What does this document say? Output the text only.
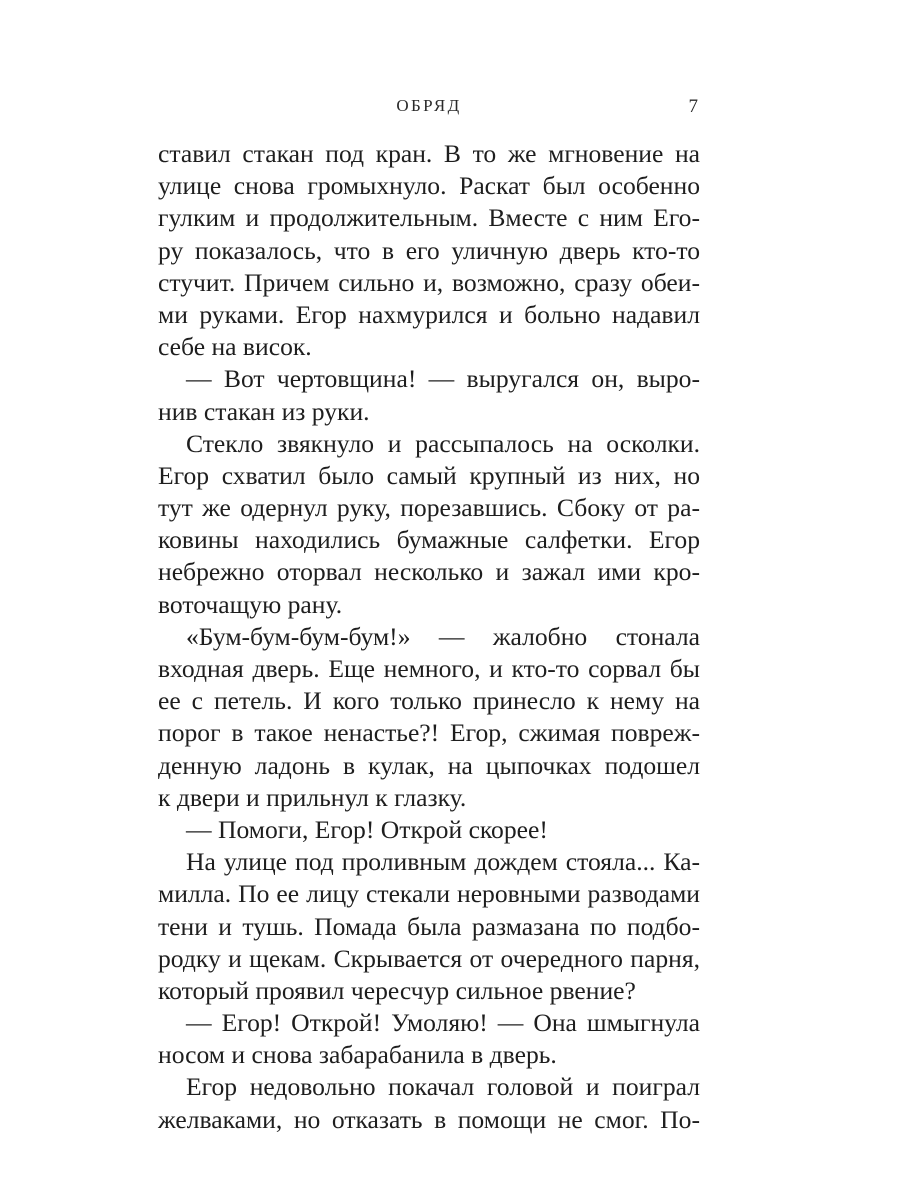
ОБРЯД	7
ставил стакан под кран. В то же мгновение на
улице снова громыхнуло. Раскат был особенно
гулким и продолжительным. Вместе с ним Его-
ру показалось, что в его уличную дверь кто-то
стучит. Причем сильно и, возможно, сразу обеи-
ми руками. Егор нахмурился и больно надавил
себе на висок.
— Вот чертовщина! — выругался он, выро-
нив стакан из руки.
Стекло звякнуло и рассыпалось на осколки.
Егор схватил было самый крупный из них, но
тут же одернул руку, порезавшись. Сбоку от ра-
ковины находились бумажные салфетки. Егор
небрежно оторвал несколько и зажал ими кро-
воточащую рану.
«Бум-бум-бум-бум!» — жалобно стонала
входная дверь. Еще немного, и кто-то сорвал бы
ее с петель. И кого только принесло к нему на
порог в такое ненастье?! Егор, сжимая повреж-
денную ладонь в кулак, на цыпочках подошел
к двери и прильнул к глазку.
— Помоги, Егор! Открой скорее!
На улице под проливным дождем стояла... Ка-
милла. По ее лицу стекали неровными разводами
тени и тушь. Помада была размазана по подбо-
родку и щекам. Скрывается от очередного парня,
который проявил чересчур сильное рвение?
— Егор! Открой! Умоляю! — Она шмыгнула
носом и снова забарабанила в дверь.
Егор недовольно покачал головой и поиграл
желваками, но отказать в помощи не смог. По-
